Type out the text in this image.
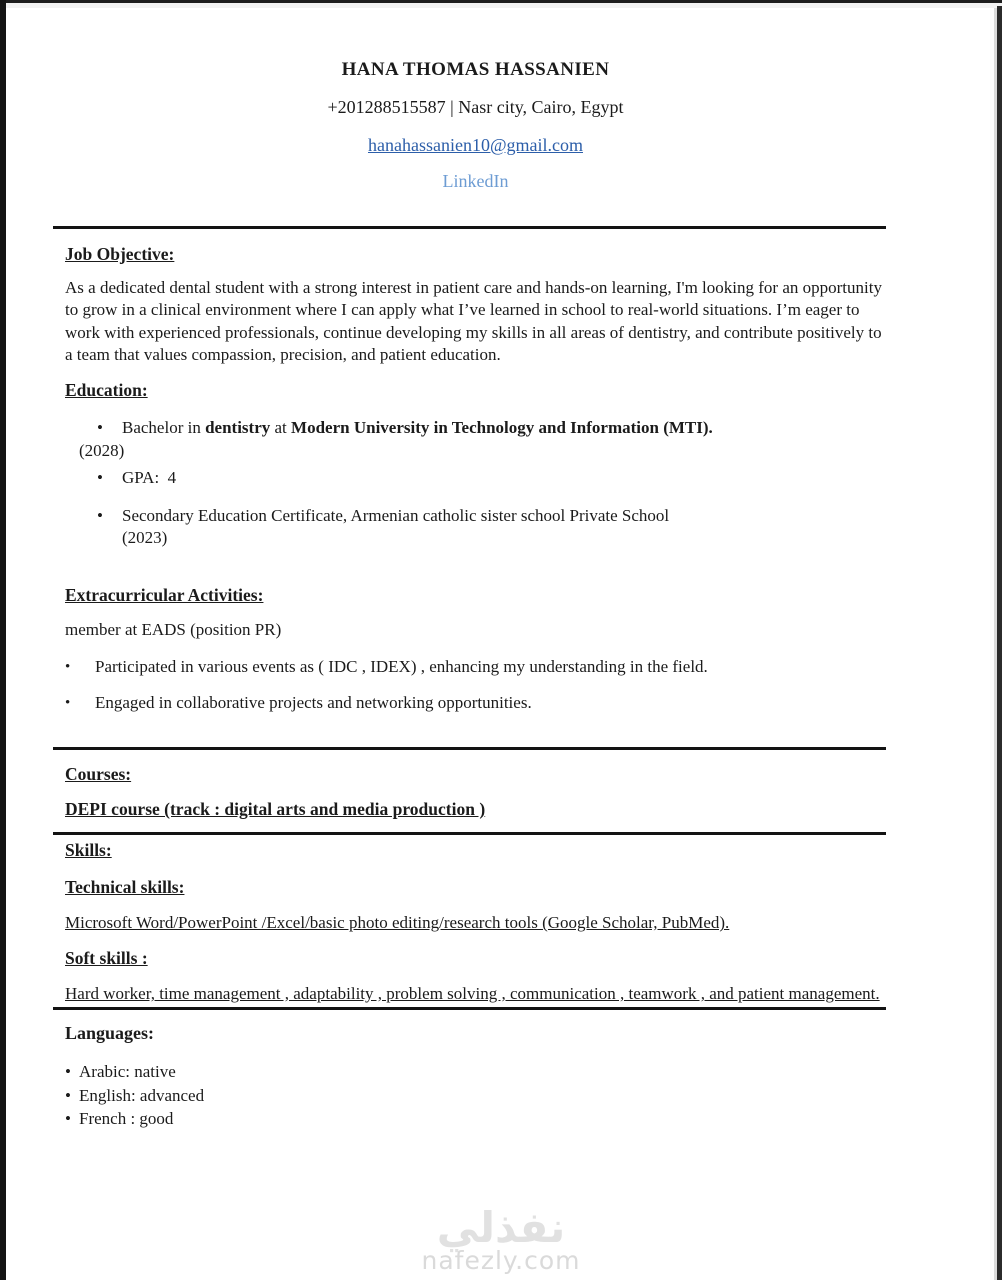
HANA THOMAS HASSANIEN
+201288515587 | Nasr city, Cairo, Egypt
hanahassanien10@gmail.com
LinkedIn
Job Objective:
As a dedicated dental student with a strong interest in patient care and hands-on learning, I'm looking for an opportunity to grow in a clinical environment where I can apply what I’ve learned in school to real-world situations. I’m eager to work with experienced professionals, continue developing my skills in all areas of dentistry, and contribute positively to a team that values compassion, precision, and patient education.
Education:
•	Bachelor in dentistry at Modern University in Technology and Information (MTI).
(2028)
•	GPA:  4
•	Secondary Education Certificate, Armenian catholic sister school Private School
(2023)
Extracurricular Activities:
member at EADS (position PR)
•	Participated in various events as ( IDC , IDEX) , enhancing my understanding in the field.
•	Engaged in collaborative projects and networking opportunities.
Courses:
DEPI course (track : digital arts and media production )
Skills:
Technical skills:
Microsoft Word/PowerPoint /Excel/basic photo editing/research tools (Google Scholar, PubMed).
Soft skills :
Hard worker, time management , adaptability , problem solving , communication , teamwork , and patient management.
Languages:
• Arabic: native
• English: advanced
• French : good
نفذلي
nafezly.com
